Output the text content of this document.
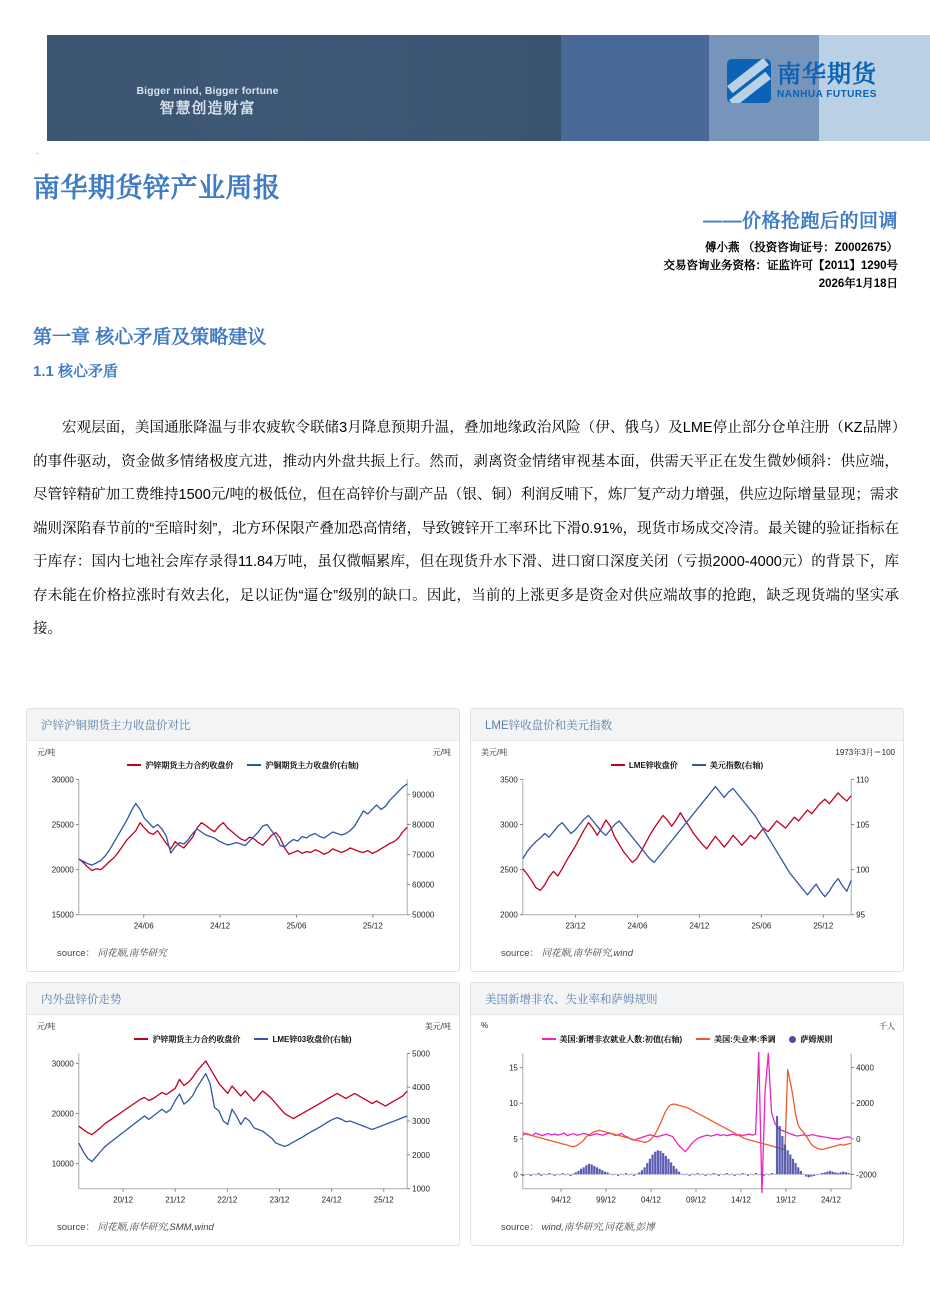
Bigger mind, Bigger fortune
智慧创造财富
南华期货
NANHUA FUTURES
.
南华期货锌产业周报
——价格抢跑后的回调
傅小燕 （投资咨询证号：Z0002675）
交易咨询业务资格：证监许可【2011】1290号
2026年1月18日
第一章 核心矛盾及策略建议
1.1 核心矛盾
宏观层面，美国通胀降温与非农疲软令联储3月降息预期升温，叠加地缘政治风险（伊、俄乌）及LME停止部分仓单注册（KZ品牌）的事件驱动，资金做多情绪极度亢进，推动内外盘共振上行。然而，剥离资金情绪审视基本面，供需天平正在发生微妙倾斜：供应端，尽管锌精矿加工费维持1500元/吨的极低位，但在高锌价与副产品（银、铜）利润反哺下，炼厂复产动力增强，供应边际增量显现；需求端则深陷春节前的“至暗时刻”，北方环保限产叠加恐高情绪，导致镀锌开工率环比下滑0.91%，现货市场成交冷清。最关键的验证指标在于库存：国内七地社会库存录得11.84万吨，虽仅微幅累库，但在现货升水下滑、进口窗口深度关闭（亏损2000-4000元）的背景下，库存未能在价格拉涨时有效去化，足以证伪“逼仓”级别的缺口。因此，当前的上涨更多是资金对供应端故事的抢跑，缺乏现货端的坚实承接。
沪锌沪铜期货主力收盘价对比
沪锌期货主力合约收盘价	沪铜期货主力收盘价(右轴)
元/吨	元/吨
15000
20000
25000
30000
50000
60000
70000
80000
90000
24/06	24/12	25/06	25/12
source： 同花顺,南华研究
LME锌收盘价和美元指数
LME锌收盘价	美元指数(右轴)
美元/吨	1973年3月＝100
2000
2500
3000
3500
95
100
105
110
23/12	24/06	24/12	25/06	25/12
source： 同花顺,南华研究,wind
内外盘锌价走势
沪锌期货主力合约收盘价	LME锌03收盘价(右轴)
元/吨	美元/吨
10000
20000
30000
1000
2000
3000
4000
5000
20/12	21/12	22/12	23/12	24/12	25/12
source： 同花顺,南华研究,SMM,wind
美国新增非农、失业率和萨姆规则
美国:新增非农就业人数:初值(右轴)	美国:失业率:季调	萨姆规则
%	千人
0
5
10
15
-2000
0
2000
4000
94/12	99/12	04/12	09/12	14/12	19/12	24/12
source： wind,南华研究,同花顺,彭博
